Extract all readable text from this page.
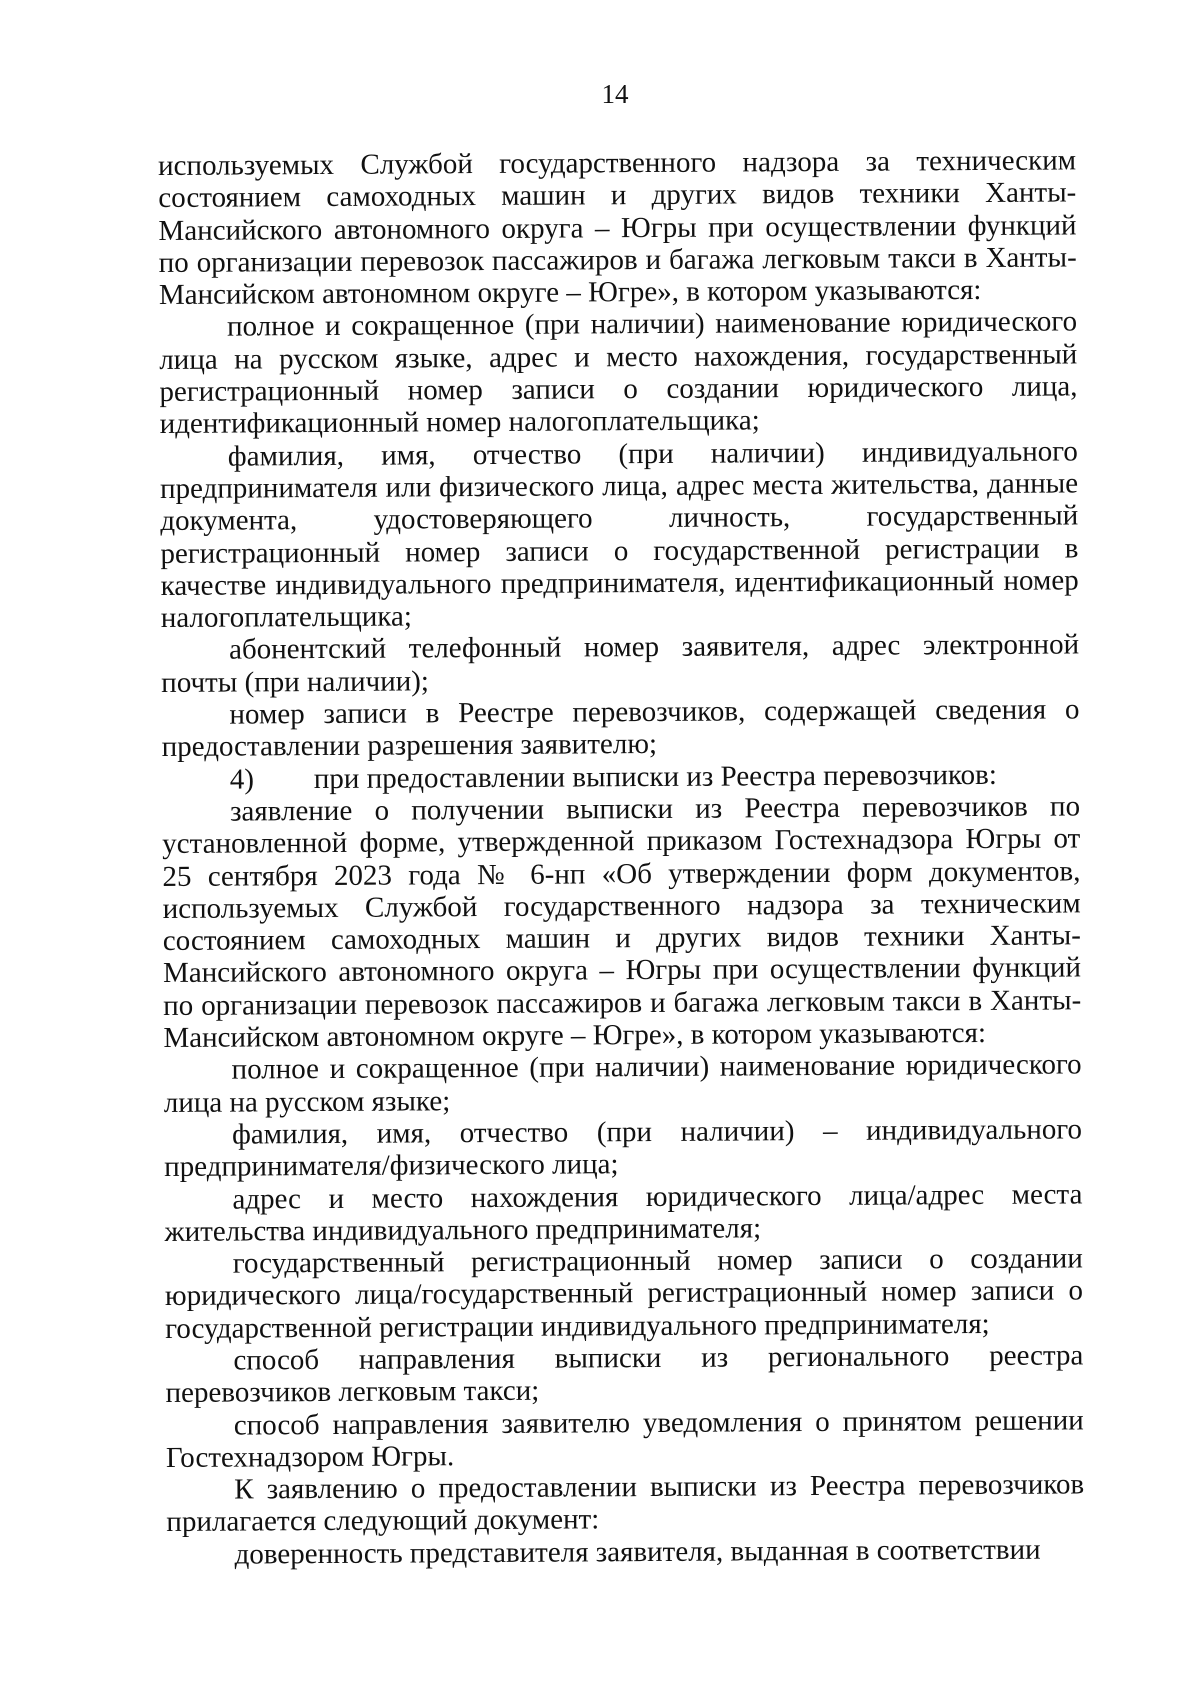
14

используемых Службой государственного надзора за техническим состоянием самоходных машин и других видов техники Ханты-Мансийского автономного округа – Югры при осуществлении функций по организации перевозок пассажиров и багажа легковым такси в Ханты-Мансийском автономном округе – Югре», в котором указываются:

полное и сокращенное (при наличии) наименование юридического лица на русском языке, адрес и место нахождения, государственный регистрационный номер записи о создании юридического лица, идентификационный номер налогоплательщика;

фамилия, имя, отчество (при наличии) индивидуального предпринимателя или физического лица, адрес места жительства, данные документа, удостоверяющего личность, государственный регистрационный номер записи о государственной регистрации в качестве индивидуального предпринимателя, идентификационный номер налогоплательщика;

абонентский телефонный номер заявителя, адрес электронной почты (при наличии);

номер записи в Реестре перевозчиков, содержащей сведения о предоставлении разрешения заявителю;

4) при предоставлении выписки из Реестра перевозчиков:

заявление о получении выписки из Реестра перевозчиков по установленной форме, утвержденной приказом Гостехнадзора Югры от 25 сентября 2023 года № 6-нп «Об утверждении форм документов, используемых Службой государственного надзора за техническим состоянием самоходных машин и других видов техники Ханты-Мансийского автономного округа – Югры при осуществлении функций по организации перевозок пассажиров и багажа легковым такси в Ханты-Мансийском автономном округе – Югре», в котором указываются:

полное и сокращенное (при наличии) наименование юридического лица на русском языке;

фамилия, имя, отчество (при наличии) – индивидуального предпринимателя/физического лица;

адрес и место нахождения юридического лица/адрес места жительства индивидуального предпринимателя;

государственный регистрационный номер записи о создании юридического лица/государственный регистрационный номер записи о государственной регистрации индивидуального предпринимателя;

способ направления выписки из регионального реестра перевозчиков легковым такси;

способ направления заявителю уведомления о принятом решении Гостехнадзором Югры.

К заявлению о предоставлении выписки из Реестра перевозчиков прилагается следующий документ:

доверенность представителя заявителя, выданная в соответствии
